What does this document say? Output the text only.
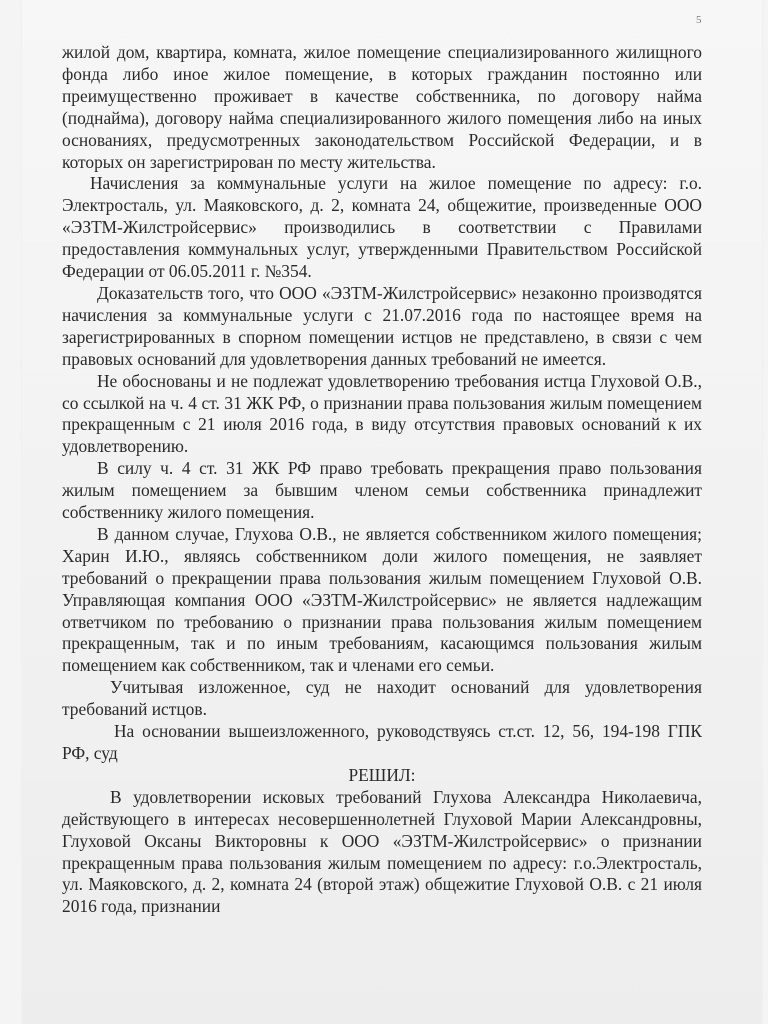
5

жилой дом, квартира, комната, жилое помещение специализированного жилищного фонда либо иное жилое помещение, в которых гражданин постоянно или преимущественно проживает в качестве собственника, по договору найма (поднайма), договору найма специализированного жилого помещения либо на иных основаниях, предусмотренных законодательством Российской Федерации, и в которых он зарегистрирован по месту жительства.

Начисления за коммунальные услуги на жилое помещение по адресу: г.о. Электросталь, ул. Маяковского, д. 2, комната 24, общежитие, произведенные ООО «ЭЗТМ-Жилстройсервис» производились в соответствии с Правилами предоставления коммунальных услуг, утвержденными Правительством Российской Федерации от 06.05.2011 г. №354.

Доказательств того, что ООО «ЭЗТМ-Жилстройсервис» незаконно производятся начисления за коммунальные услуги с 21.07.2016 года по настоящее время на зарегистрированных в спорном помещении истцов не представлено, в связи с чем правовых оснований для удовлетворения данных требований не имеется.

Не обоснованы и не подлежат удовлетворению требования истца Глуховой О.В., со ссылкой на ч. 4 ст. 31 ЖК РФ, о признании права пользования жилым помещением прекращенным с 21 июля 2016 года, в виду отсутствия правовых оснований к их удовлетворению.

В силу ч. 4 ст. 31 ЖК РФ право требовать прекращения право пользования жилым помещением за бывшим членом семьи собственника принадлежит собственнику жилого помещения.

В данном случае, Глухова О.В., не является собственником жилого помещения; Харин И.Ю., являясь собственником доли жилого помещения, не заявляет требований о прекращении права пользования жилым помещением Глуховой О.В. Управляющая компания ООО «ЭЗТМ-Жилстройсервис» не является надлежащим ответчиком по требованию о признании права пользования жилым помещением прекращенным, так и по иным требованиям, касающимся пользования жилым помещением как собственником, так и членами его семьи.

Учитывая изложенное, суд не находит оснований для удовлетворения требований истцов.

На основании вышеизложенного, руководствуясь ст.ст. 12, 56, 194-198 ГПК РФ, суд

РЕШИЛ:

В удовлетворении исковых требований Глухова Александра Николаевича, действующего в интересах несовершеннолетней Глуховой Марии Александровны, Глуховой Оксаны Викторовны к ООО «ЭЗТМ-Жилстройсервис» о признании прекращенным права пользования жилым помещением по адресу: г.о.Электросталь, ул. Маяковского, д. 2, комната 24 (второй этаж) общежитие Глуховой О.В. с 21 июля 2016 года, признании
